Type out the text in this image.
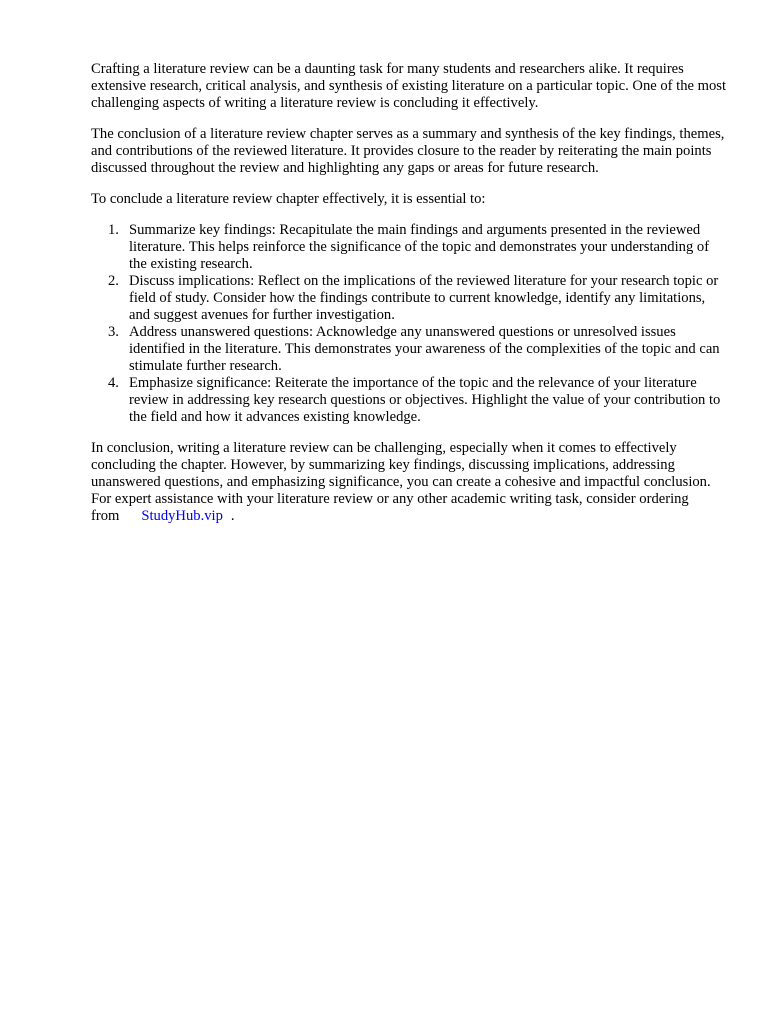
Crafting a literature review can be a daunting task for many students and researchers alike. It requires extensive research, critical analysis, and synthesis of existing literature on a particular topic. One of the most challenging aspects of writing a literature review is concluding it effectively.

The conclusion of a literature review chapter serves as a summary and synthesis of the key findings, themes, and contributions of the reviewed literature. It provides closure to the reader by reiterating the main points discussed throughout the review and highlighting any gaps or areas for future research.

To conclude a literature review chapter effectively, it is essential to:

1. Summarize key findings: Recapitulate the main findings and arguments presented in the reviewed literature. This helps reinforce the significance of the topic and demonstrates your understanding of the existing research.
2. Discuss implications: Reflect on the implications of the reviewed literature for your research topic or field of study. Consider how the findings contribute to current knowledge, identify any limitations, and suggest avenues for further investigation.
3. Address unanswered questions: Acknowledge any unanswered questions or unresolved issues identified in the literature. This demonstrates your awareness of the complexities of the topic and can stimulate further research.
4. Emphasize significance: Reiterate the importance of the topic and the relevance of your literature review in addressing key research questions or objectives. Highlight the value of your contribution to the field and how it advances existing knowledge.

In conclusion, writing a literature review can be challenging, especially when it comes to effectively concluding the chapter. However, by summarizing key findings, discussing implications, addressing unanswered questions, and emphasizing significance, you can create a cohesive and impactful conclusion. For expert assistance with your literature review or any other academic writing task, consider ordering from StudyHub.vip .
